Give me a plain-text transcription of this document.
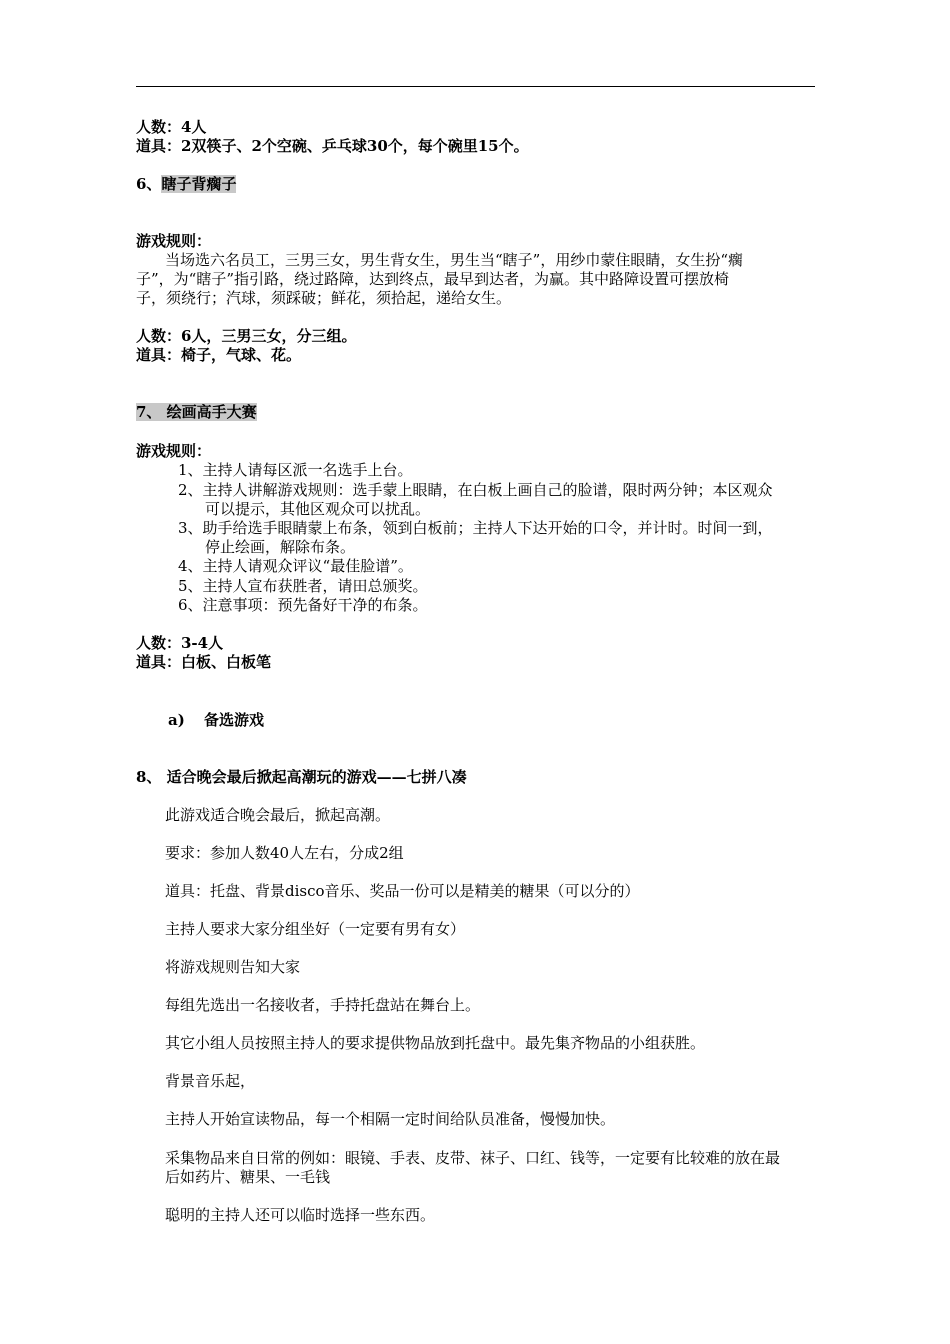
人数：4人
道具：2双筷子、2个空碗、乒乓球30个，每个碗里15个。
6、瞎子背瘸子
游戏规则：
当场选六名员工，三男三女，男生背女生，男生当“瞎子”，用纱巾蒙住眼睛，女生扮“瘸
子”，为“瞎子”指引路，绕过路障，达到终点，最早到达者，为赢。其中路障设置可摆放椅
子，须绕行；汽球，须踩破；鲜花，须拾起，递给女生。
人数：6人，三男三女，分三组。
道具：椅子，气球、花。
7、 绘画高手大赛
游戏规则：
1、主持人请每区派一名选手上台。
2、主持人讲解游戏规则：选手蒙上眼睛，在白板上画自己的脸谱，限时两分钟；本区观众
可以提示，其他区观众可以扰乱。
3、助手给选手眼睛蒙上布条，领到白板前；主持人下达开始的口令，并计时。时间一到，
停止绘画，解除布条。
4、主持人请观众评议“最佳脸谱”。
5、主持人宣布获胜者，请田总颁奖。
6、注意事项：预先备好干净的布条。
人数：3-4人
道具：白板、白板笔
a) 备选游戏
8、 适合晚会最后掀起高潮玩的游戏——七拼八凑
此游戏适合晚会最后，掀起高潮。
要求：参加人数40人左右，分成2组
道具：托盘、背景disco音乐、奖品一份可以是精美的糖果（可以分的）
主持人要求大家分组坐好（一定要有男有女）
将游戏规则告知大家
每组先选出一名接收者，手持托盘站在舞台上。
其它小组人员按照主持人的要求提供物品放到托盘中。最先集齐物品的小组获胜。
背景音乐起，
主持人开始宣读物品，每一个相隔一定时间给队员准备，慢慢加快。
采集物品来自日常的例如：眼镜、手表、皮带、袜子、口红、钱等，一定要有比较难的放在最
后如药片、糖果、一毛钱
聪明的主持人还可以临时选择一些东西。
